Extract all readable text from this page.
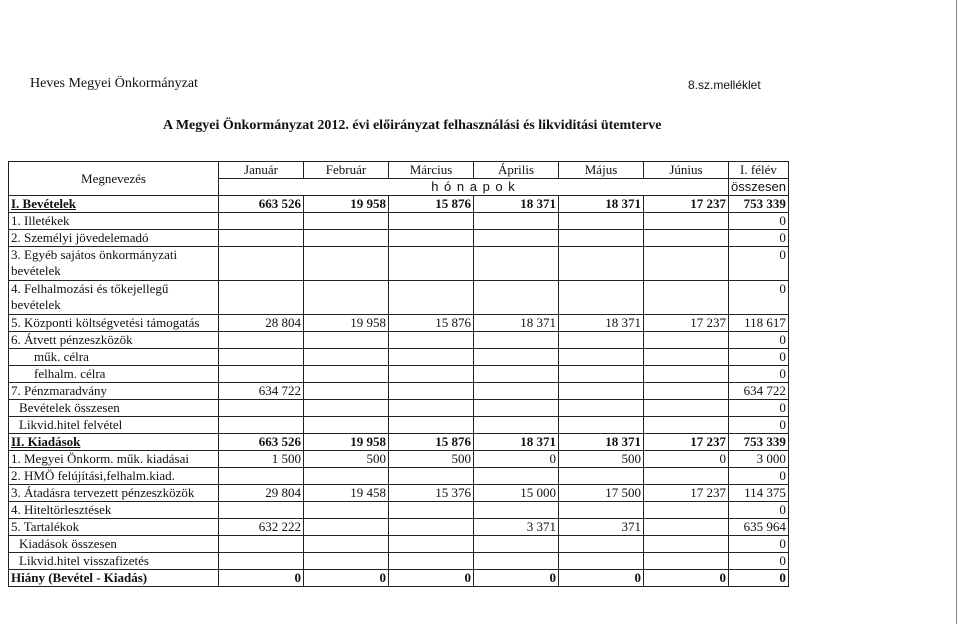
Heves Megyei Önkormányzat	8.sz.melléklet
A Megyei Önkormányzat 2012. évi előirányzat felhasználási és likviditási ütemterve
Megnevezés	Január	Február	Március	Április	Május	Június	I. félév
	h ó n a p o k						összesen
I. Bevételek	663 526	19 958	15 876	18 371	18 371	17 237	753 339
1. Illetékek							0
2. Személyi jövedelemadó							0
3. Egyéb sajátos önkormányzati bevételek							0
4. Felhalmozási és tőkejellegű bevételek							0
5. Központi költségvetési támogatás	28 804	19 958	15 876	18 371	18 371	17 237	118 617
6. Átvett pénzeszközök							0
műk. célra							0
felhalm. célra							0
7. Pénzmaradvány	634 722						634 722
Bevételek összesen							0
Likvid.hitel felvétel							0
II. Kiadások	663 526	19 958	15 876	18 371	18 371	17 237	753 339
1. Megyei Önkorm. műk. kiadásai	1 500	500	500	0	500	0	3 000
2. HMÖ felújítási,felhalm.kiad.							0
3. Átadásra tervezett pénzeszközök	29 804	19 458	15 376	15 000	17 500	17 237	114 375
4. Hiteltörlesztések							0
5. Tartalékok	632 222			3 371	371		635 964
Kiadások összesen							0
Likvid.hitel visszafizetés							0
Hiány (Bevétel - Kiadás)	0	0	0	0	0	0	0
